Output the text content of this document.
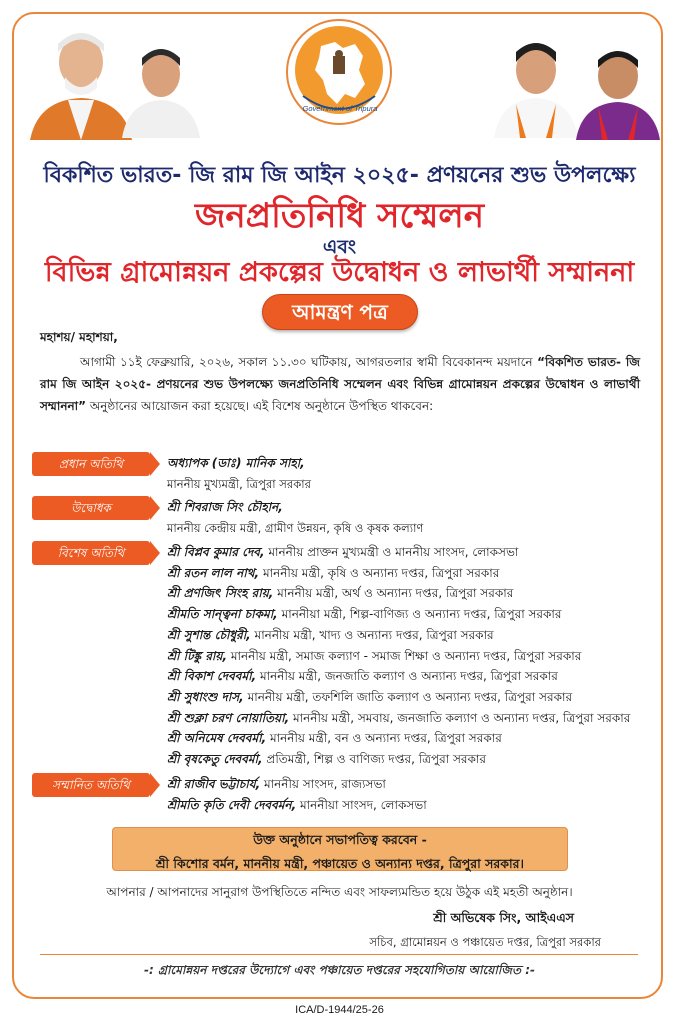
Government of Tripura
বিকশিত ভারত- জি রাম জি আইন ২০২৫- প্রণয়নের শুভ উপলক্ষ্যে
জনপ্রতিনিধি সম্মেলন
এবং
বিভিন্ন গ্রামোন্নয়ন প্রকল্পের উদ্বোধন ও লাভার্থী সম্মাননা
আমন্ত্রণ পত্র
মহাশয়/ মহাশয়া,
আগামী ১১ই ফেব্রুয়ারি, ২০২৬, সকাল ১১.৩০ ঘটিকায়, আগরতলার স্বামী বিবেকানন্দ ময়দানে “বিকশিত ভারত- জি রাম জি আইন ২০২৫- প্রণয়নের শুভ উপলক্ষ্যে জনপ্রতিনিধি সম্মেলন এবং বিভিন্ন গ্রামোন্নয়ন প্রকল্পের উদ্বোধন ও লাভার্থী সম্মাননা” অনুষ্ঠানের আয়োজন করা হয়েছে। এই বিশেষ অনুষ্ঠানে উপস্থিত থাকবেন:
প্রধান অতিথি	অধ্যাপক (ডাঃ) মানিক সাহা,
মাননীয় মুখ্যমন্ত্রী, ত্রিপুরা সরকার
উদ্বোধক	শ্রী শিবরাজ সিং চৌহান,
মাননীয় কেন্দ্রীয় মন্ত্রী, গ্রামীণ উন্নয়ন, কৃষি ও কৃষক কল্যাণ
বিশেষ অতিথি	শ্রী বিপ্লব কুমার দেব, মাননীয় প্রাক্তন মুখ্যমন্ত্রী ও মাননীয় সাংসদ, লোকসভা
শ্রী রতন লাল নাথ, মাননীয় মন্ত্রী, কৃষি ও অন্যান্য দপ্তর, ত্রিপুরা সরকার
শ্রী প্রণজিৎ সিংহ রায়, মাননীয় মন্ত্রী, অর্থ ও অন্যান্য দপ্তর, ত্রিপুরা সরকার
শ্রীমতি সান্ত্বনা চাকমা, মাননীয়া মন্ত্রী, শিল্প-বাণিজ্য ও অন্যান্য দপ্তর, ত্রিপুরা সরকার
শ্রী সুশান্ত চৌধুরী, মাননীয় মন্ত্রী, খাদ্য ও অন্যান্য দপ্তর, ত্রিপুরা সরকার
শ্রী টিঙ্কু রায়, মাননীয় মন্ত্রী, সমাজ কল্যাণ - সমাজ শিক্ষা ও অন্যান্য দপ্তর, ত্রিপুরা সরকার
শ্রী বিকাশ দেববর্মা, মাননীয় মন্ত্রী, জনজাতি কল্যাণ ও অন্যান্য দপ্তর, ত্রিপুরা সরকার
শ্রী সুধাংশু দাস, মাননীয় মন্ত্রী, তফশিলি জাতি কল্যাণ ও অন্যান্য দপ্তর, ত্রিপুরা সরকার
শ্রী শুক্লা চরণ নোয়াতিয়া, মাননীয় মন্ত্রী, সমবায়, জনজাতি কল্যাণ ও অন্যান্য দপ্তর, ত্রিপুরা সরকার
শ্রী অনিমেষ দেববর্মা, মাননীয় মন্ত্রী, বন ও অন্যান্য দপ্তর, ত্রিপুরা সরকার
শ্রী বৃষকেতু দেববর্মা, প্রতিমন্ত্রী, শিল্প ও বাণিজ্য দপ্তর, ত্রিপুরা সরকার
সম্মানিত অতিথি	শ্রী রাজীব ভট্টাচার্য, মাননীয় সাংসদ, রাজ্যসভা
শ্রীমতি কৃতি দেবী দেববর্মন, মাননীয়া সাংসদ, লোকসভা
উক্ত অনুষ্ঠানে সভাপতিত্ব করবেন -
শ্রী কিশোর বর্মন, মাননীয় মন্ত্রী, পঞ্চায়েত ও অন্যান্য দপ্তর, ত্রিপুরা সরকার।
আপনার / আপনাদের সানুরাগ উপস্থিতিতে নন্দিত এবং সাফল্যমন্ডিত হয়ে উঠুক এই মহতী অনুষ্ঠান।
শ্রী অভিষেক সিং, আইএএস
সচিব, গ্রামোন্নয়ন ও পঞ্চায়েত দপ্তর, ত্রিপুরা সরকার
-: গ্রামোন্নয়ন দপ্তরের উদ্যোগে এবং পঞ্চায়েত দপ্তরের সহযোগিতায় আয়োজিত :-
ICA/D-1944/25-26
